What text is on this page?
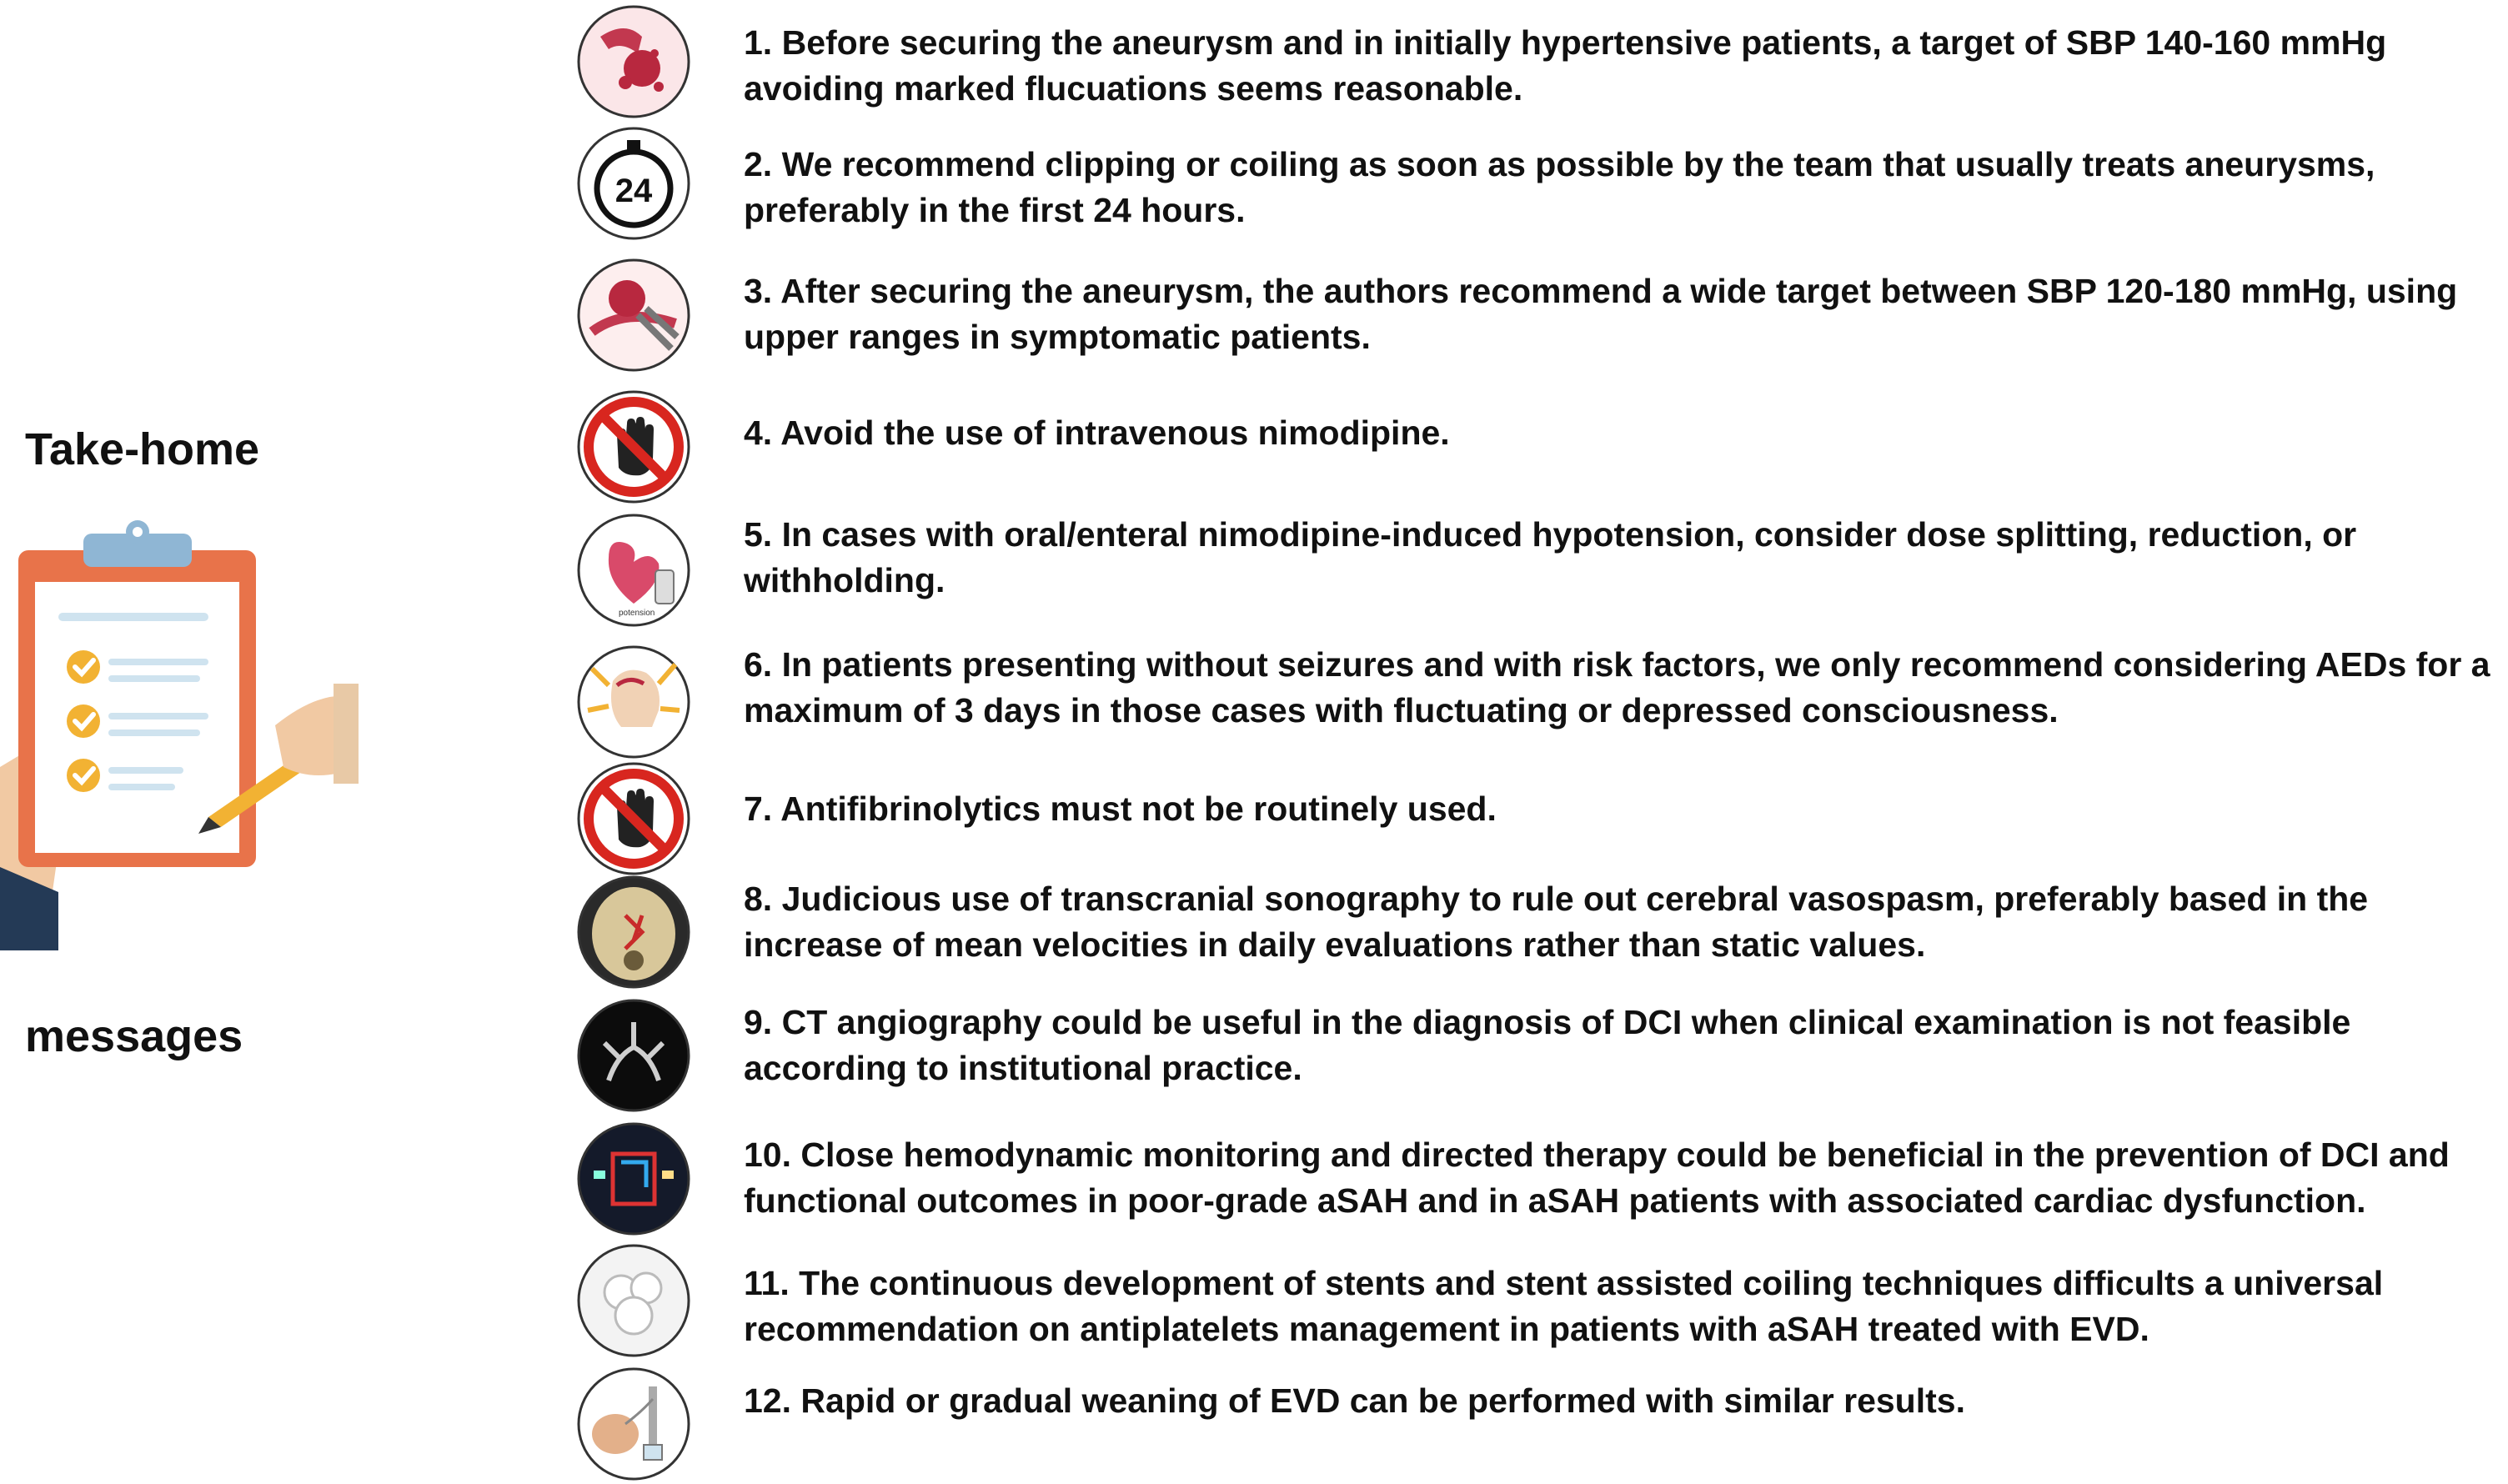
Take-home
messages
1. Before securing the aneurysm and in initially hypertensive patients, a target of SBP 140-160 mmHg avoiding marked flucuations seems reasonable.
24
2. We recommend clipping or coiling as soon as possible by the team that usually treats aneurysms, preferably in the first 24 hours.
3. After securing the aneurysm, the authors recommend a wide target between SBP 120-180 mmHg, using upper ranges in symptomatic patients.
4. Avoid the use of intravenous nimodipine.
potension
5. In cases with oral/enteral nimodipine-induced hypotension, consider dose splitting, reduction, or withholding.
6. In patients presenting without seizures and with risk factors, we only recommend considering AEDs for a maximum of 3 days in those cases with fluctuating or depressed consciousness.
7. Antifibrinolytics must not be routinely used.
8. Judicious use of transcranial sonography to rule out cerebral vasospasm, preferably based in the increase of mean velocities in daily evaluations rather than static values.
9. CT angiography could be useful in the diagnosis of DCI when clinical examination is not feasible according to institutional practice.
10. Close hemodynamic monitoring and directed therapy could be beneficial in the prevention of DCI and functional outcomes in poor-grade aSAH and in aSAH patients with associated cardiac dysfunction.
11. The continuous development of stents and stent assisted coiling techniques difficults a universal recommendation on antiplatelets management in patients with aSAH treated with EVD.
12. Rapid or gradual weaning of EVD can be performed with similar results.
